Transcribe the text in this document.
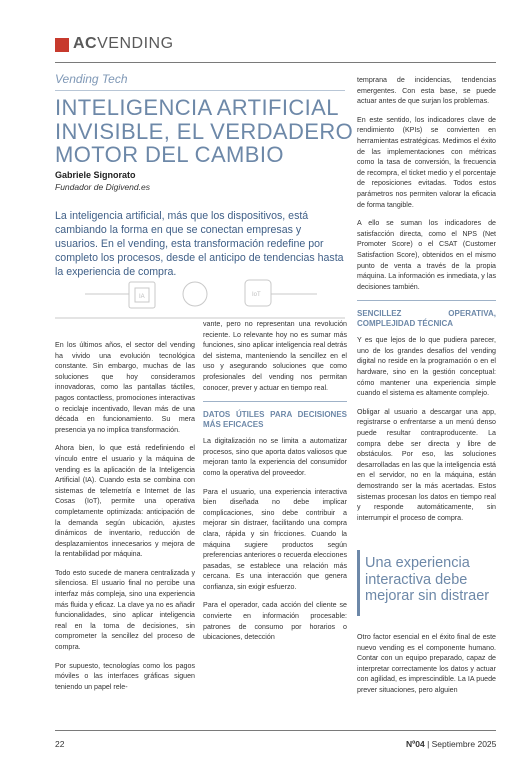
ACVENDING
Vending Tech
INTELIGENCIA ARTIFICIAL INVISIBLE, EL VERDADERO MOTOR DEL CAMBIO
Gabriele Signorato
Fundador de Digivend.es
La inteligencia artificial, más que los dispositivos, está cambiando la forma en que se conectan empresas y usuarios. En el vending, esta transformación redefine por completo los procesos, desde el anticipo de tendencias hasta la experiencia de compra.
IA	IoT

En los últimos años, el sector del vending ha vivido una evolución tecnológica constante. Sin embargo, muchas de las soluciones que hoy consideramos innovadoras, como las pantallas táctiles, pagos contactless, promociones interactivas o reciclaje incentivado, llevan más de una década en funcionamiento. Su mera presencia ya no implica transformación.

Ahora bien, lo que está redefiniendo el vínculo entre el usuario y la máquina de vending es la aplicación de la Inteligencia Artificial (IA). Cuando esta se combina con sistemas de telemetría e Internet de las Cosas (IoT), permite una operativa completamente optimizada: anticipación de la demanda según ubicación, ajustes dinámicos de inventario, reducción de desplazamientos innecesarios y mejora de la rentabilidad por máquina.

Todo esto sucede de manera centralizada y silenciosa. El usuario final no percibe una interfaz más compleja, sino una experiencia más fluida y eficaz. La clave ya no es añadir funcionalidades, sino aplicar inteligencia real en la toma de decisiones, sin comprometer la sencillez del proceso de compra.

Por supuesto, tecnologías como los pagos móviles o las interfaces gráficas siguen teniendo un papel rele-

vante, pero no representan una revolución reciente. Lo relevante hoy no es sumar más funciones, sino aplicar inteligencia real detrás del sistema, manteniendo la sencillez en el uso y asegurando soluciones que como profesionales del vending nos permitan conocer, prever y actuar en tiempo real.

DATOS ÚTILES PARA DECISIONES MÁS EFICACES

La digitalización no se limita a automatizar procesos, sino que aporta datos valiosos que mejoran tanto la experiencia del consumidor como la operativa del proveedor.

Para el usuario, una experiencia interactiva bien diseñada no debe implicar complicaciones, sino debe contribuir a mejorar sin distraer, facilitando una compra clara, rápida y sin fricciones. Cuando la máquina sugiere productos según preferencias anteriores o recuerda elecciones pasadas, se establece una relación más cercana. Es una interacción que genera confianza, sin exigir esfuerzo.

Para el operador, cada acción del cliente se convierte en información procesable: patrones de consumo por horarios o ubicaciones, detección

temprana de incidencias, tendencias emergentes. Con esta base, se puede actuar antes de que surjan los problemas.

En este sentido, los indicadores clave de rendimiento (KPIs) se convierten en herramientas estratégicas. Medimos el éxito de las implementaciones con métricas como la tasa de conversión, la frecuencia de recompra, el ticket medio y el porcentaje de reposiciones evitadas. Todos estos parámetros nos permiten valorar la eficacia de forma tangible.

A ello se suman los indicadores de satisfacción directa, como el NPS (Net Promoter Score) o el CSAT (Customer Satisfaction Score), obtenidos en el mismo punto de venta a través de la propia máquina. La información es inmediata, y las decisiones también.

SENCILLEZ OPERATIVA, COMPLEJIDAD TÉCNICA

Y es que lejos de lo que pudiera parecer, uno de los grandes desafíos del vending digital no reside en la programación o en el hardware, sino en la gestión conceptual: cómo mantener una experiencia simple cuando el sistema es altamente complejo.

Obligar al usuario a descargar una app, registrarse o enfrentarse a un menú denso puede resultar contraproducente. La compra debe ser directa y libre de obstáculos. Por eso, las soluciones desarrolladas en las que la inteligencia está en el servidor, no en la máquina, están demostrando ser la más acertadas. Estos sistemas procesan los datos en tiempo real y responde automáticamente, sin interrumpir el proceso de compra.

Una experiencia interactiva debe mejorar sin distraer

Otro factor esencial en el éxito final de este nuevo vending es el componente humano. Contar con un equipo preparado, capaz de interpretar correctamente los datos y actuar con agilidad, es imprescindible. La IA puede prever situaciones, pero alguien

22	Nº04 | Septiembre 2025
